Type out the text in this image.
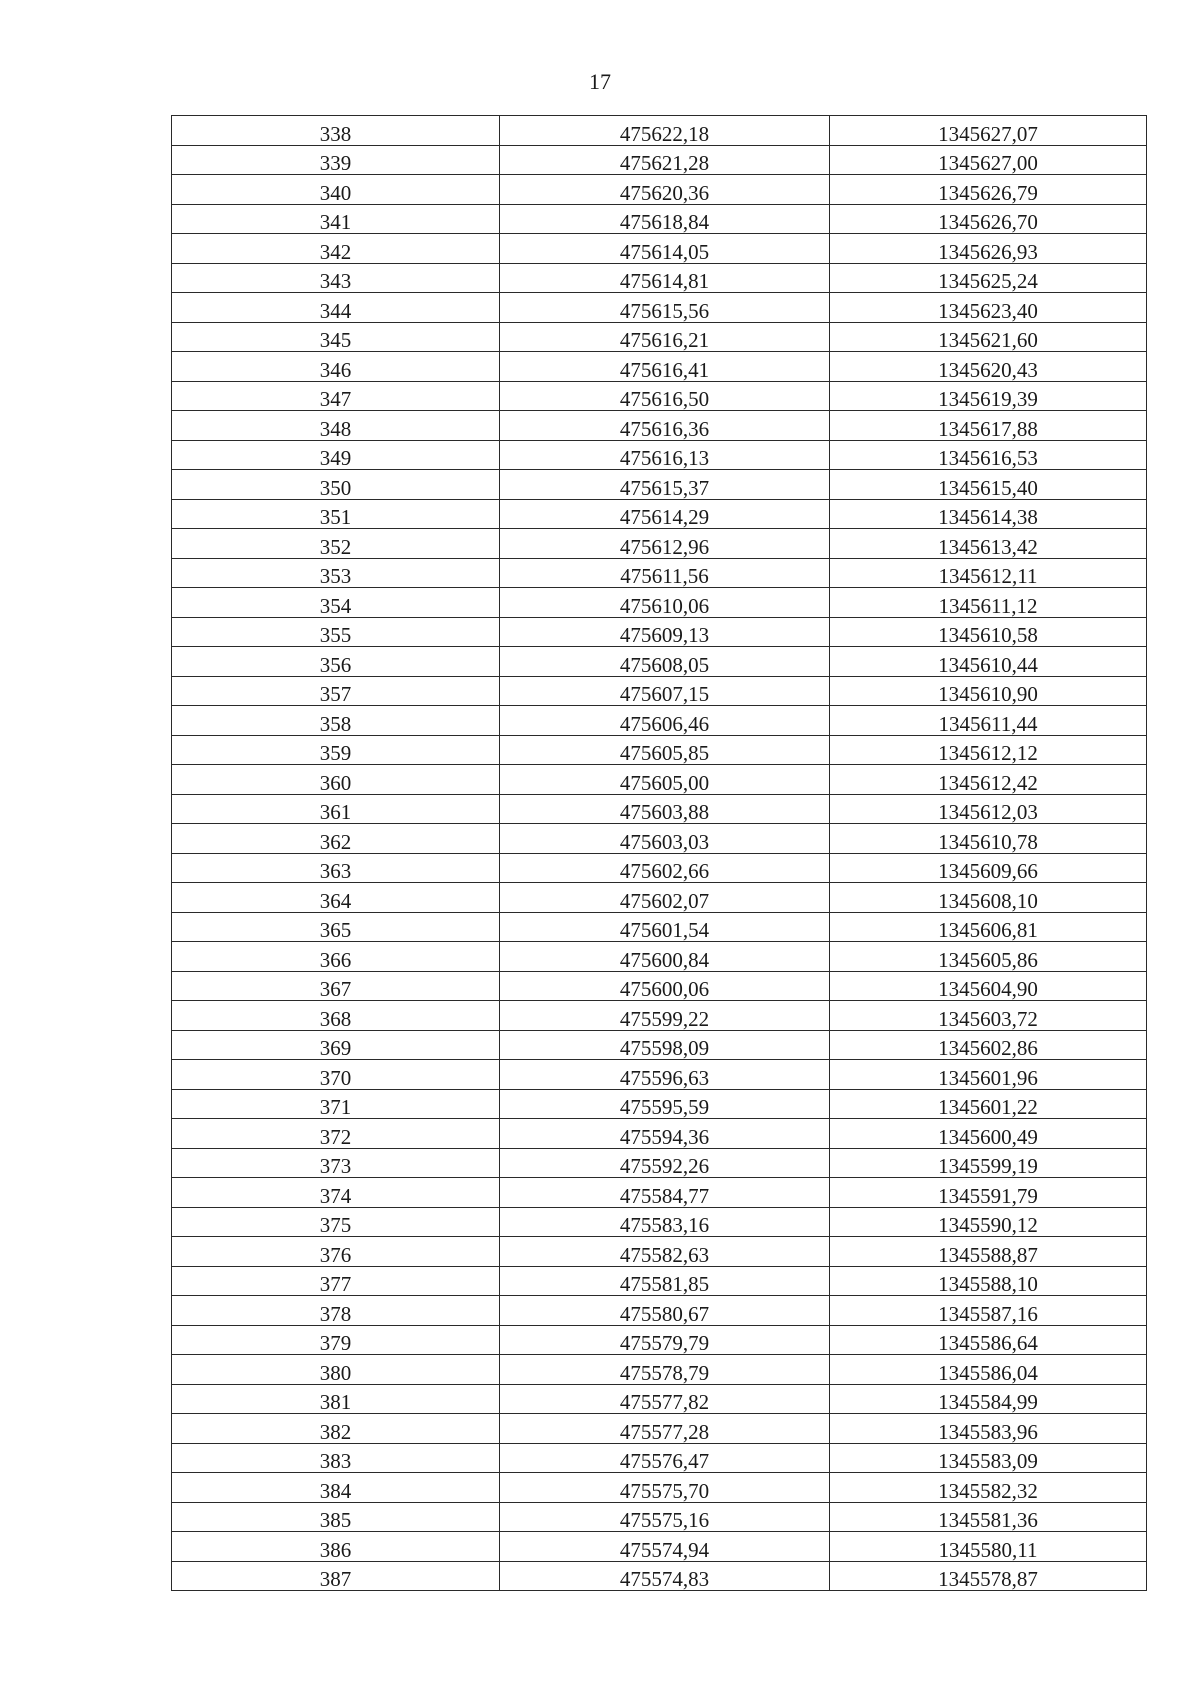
17
338	475622,18	1345627,07
339	475621,28	1345627,00
340	475620,36	1345626,79
341	475618,84	1345626,70
342	475614,05	1345626,93
343	475614,81	1345625,24
344	475615,56	1345623,40
345	475616,21	1345621,60
346	475616,41	1345620,43
347	475616,50	1345619,39
348	475616,36	1345617,88
349	475616,13	1345616,53
350	475615,37	1345615,40
351	475614,29	1345614,38
352	475612,96	1345613,42
353	475611,56	1345612,11
354	475610,06	1345611,12
355	475609,13	1345610,58
356	475608,05	1345610,44
357	475607,15	1345610,90
358	475606,46	1345611,44
359	475605,85	1345612,12
360	475605,00	1345612,42
361	475603,88	1345612,03
362	475603,03	1345610,78
363	475602,66	1345609,66
364	475602,07	1345608,10
365	475601,54	1345606,81
366	475600,84	1345605,86
367	475600,06	1345604,90
368	475599,22	1345603,72
369	475598,09	1345602,86
370	475596,63	1345601,96
371	475595,59	1345601,22
372	475594,36	1345600,49
373	475592,26	1345599,19
374	475584,77	1345591,79
375	475583,16	1345590,12
376	475582,63	1345588,87
377	475581,85	1345588,10
378	475580,67	1345587,16
379	475579,79	1345586,64
380	475578,79	1345586,04
381	475577,82	1345584,99
382	475577,28	1345583,96
383	475576,47	1345583,09
384	475575,70	1345582,32
385	475575,16	1345581,36
386	475574,94	1345580,11
387	475574,83	1345578,87
